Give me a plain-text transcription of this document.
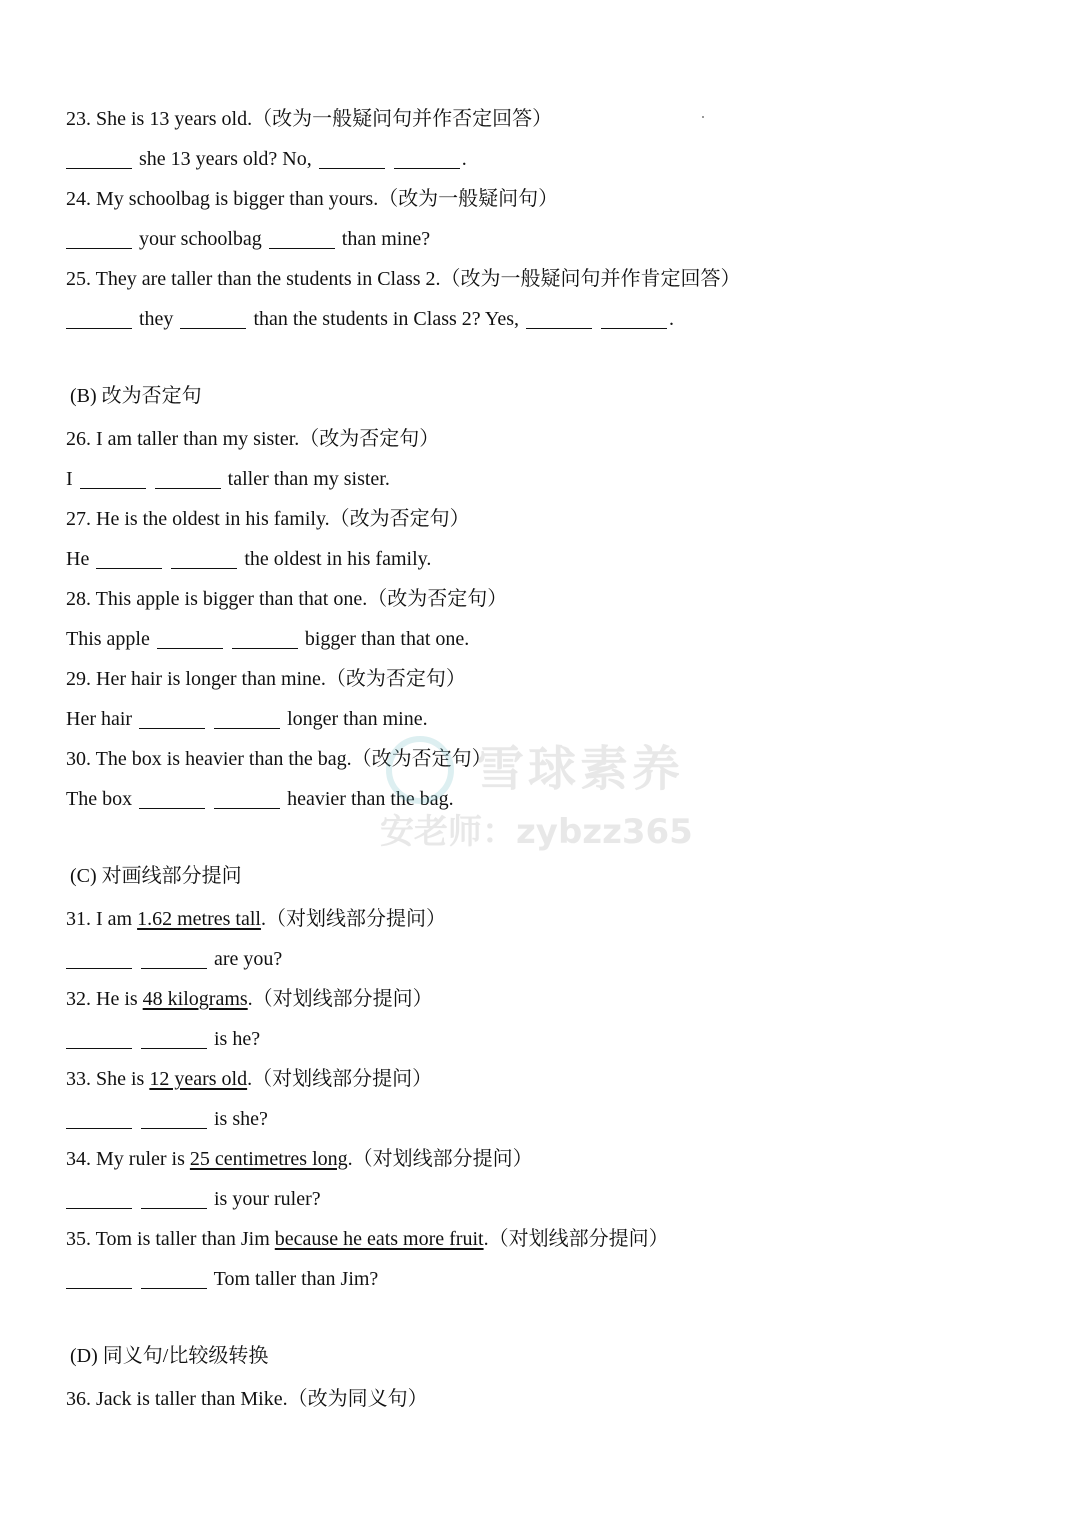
23. She is 13 years old.（改为一般疑问句并作否定回答）
she 13 years old? No,	.
24. My schoolbag is bigger than yours.（改为一般疑问句）
your schoolbag	than mine?
25. They are taller than the students in Class 2.（改为一般疑问句并作肯定回答）
they	than the students in Class 2? Yes,	.
(B) 改为否定句
26. I am taller than my sister.（改为否定句）
I	taller than my sister.
27. He is the oldest in his family.（改为否定句）
He	the oldest in his family.
28. This apple is bigger than that one.（改为否定句）
This apple	bigger than that one.
29. Her hair is longer than mine.（改为否定句）
Her hair	longer than mine.
30. The box is heavier than the bag.（改为否定句）
The box	heavier than the bag.
(C) 对画线部分提问
31. I am 1.62 metres tall.（对划线部分提问）
are you?
32. He is 48 kilograms.（对划线部分提问）
is he?
33. She is 12 years old.（对划线部分提问）
is she?
34. My ruler is 25 centimetres long.（对划线部分提问）
is your ruler?
35. Tom is taller than Jim because he eats more fruit.（对划线部分提问）
Tom taller than Jim?
(D) 同义句/比较级转换
36. Jack is taller than Mike.（改为同义句）
雪球素养
安老师：zybzz365
